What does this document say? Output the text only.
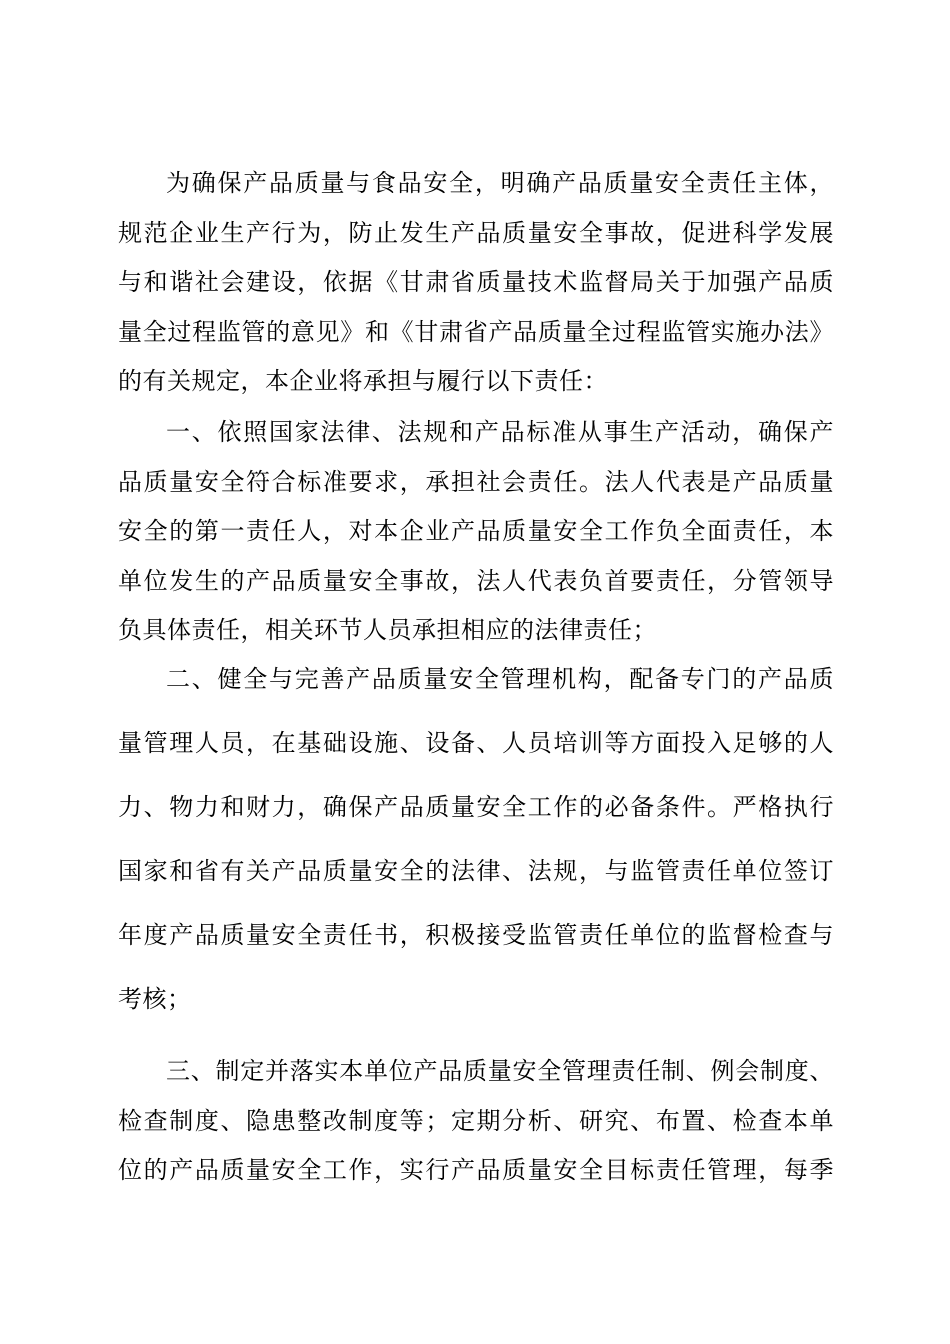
为确保产品质量与食品安全，明确产品质量安全责任主体，
规范企业生产行为，防止发生产品质量安全事故，促进科学发展
与和谐社会建设，依据《甘肃省质量技术监督局关于加强产品质
量全过程监管的意见》和《甘肃省产品质量全过程监管实施办法》
的有关规定，本企业将承担与履行以下责任：
一、依照国家法律、法规和产品标准从事生产活动，确保产
品质量安全符合标准要求，承担社会责任。法人代表是产品质量
安全的第一责任人，对本企业产品质量安全工作负全面责任，本
单位发生的产品质量安全事故，法人代表负首要责任，分管领导
负具体责任，相关环节人员承担相应的法律责任；
二、健全与完善产品质量安全管理机构，配备专门的产品质
量管理人员，在基础设施、设备、人员培训等方面投入足够的人
力、物力和财力，确保产品质量安全工作的必备条件。严格执行
国家和省有关产品质量安全的法律、法规，与监管责任单位签订
年度产品质量安全责任书，积极接受监管责任单位的监督检查与
考核；
三、制定并落实本单位产品质量安全管理责任制、例会制度、
检查制度、隐患整改制度等；定期分析、研究、布置、检查本单
位的产品质量安全工作，实行产品质量安全目标责任管理，每季
